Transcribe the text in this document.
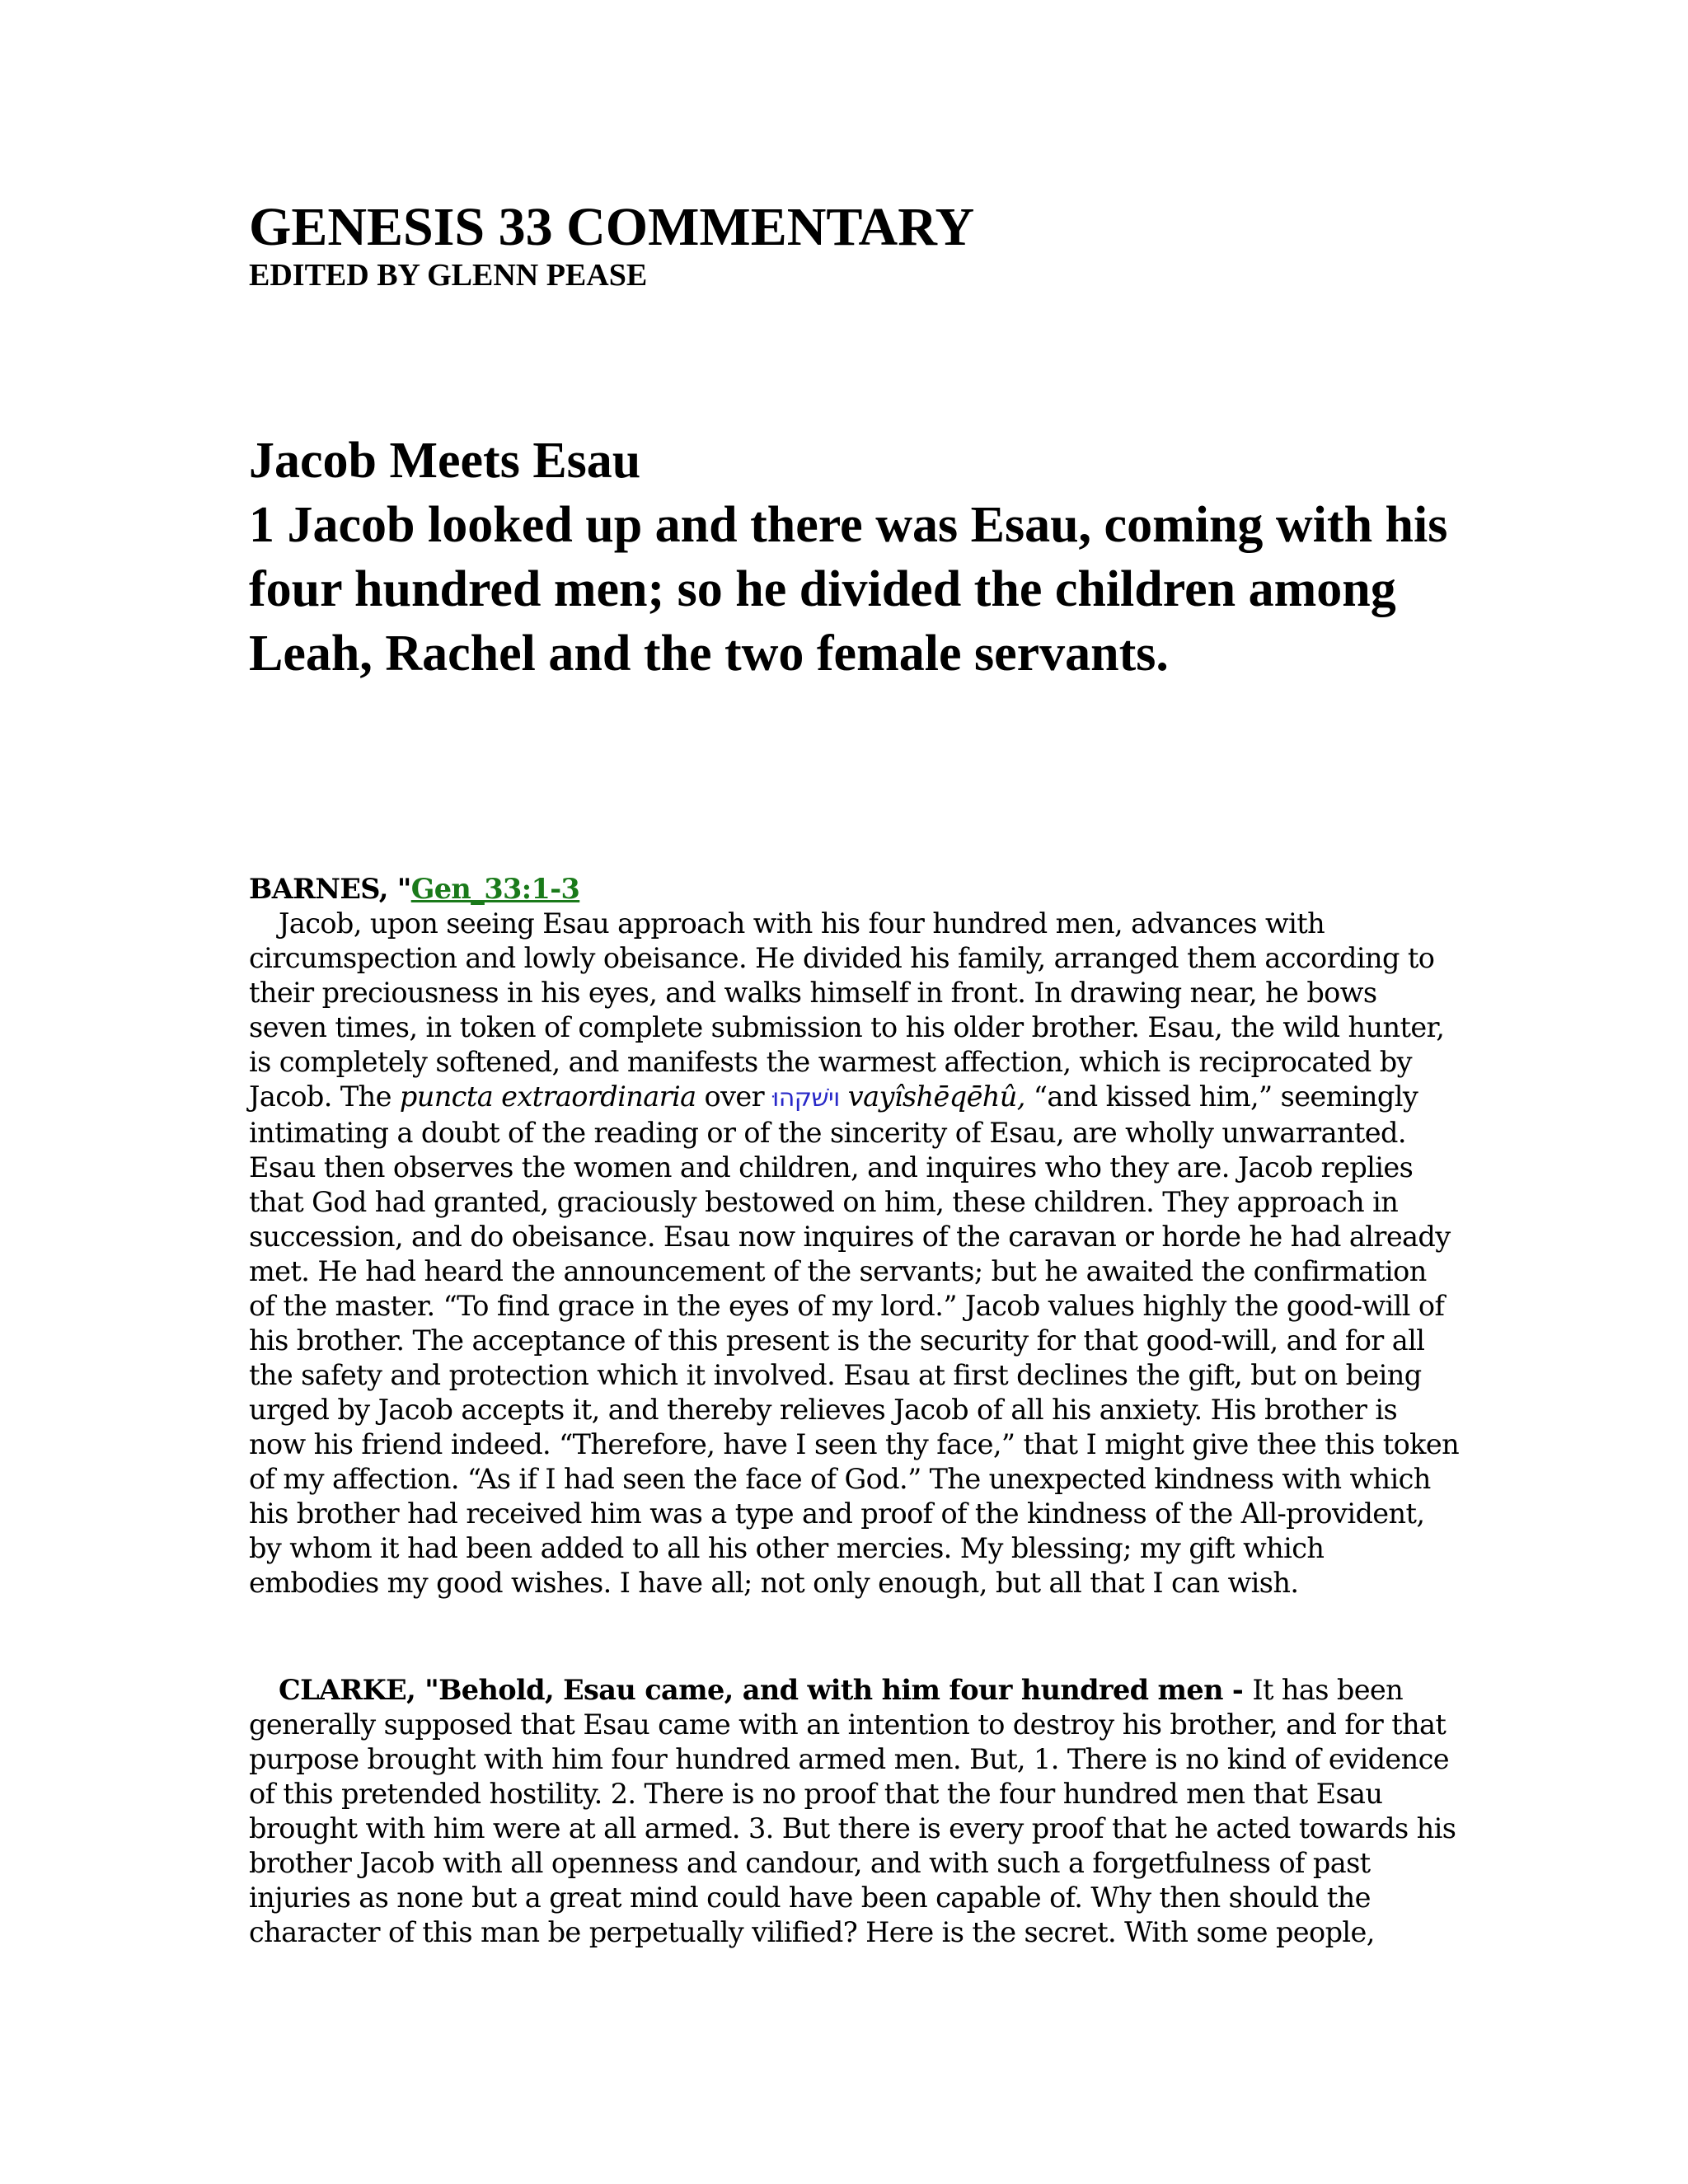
GENESIS 33 COMMENTARY

EDITED BY GLENN PEASE

Jacob Meets Esau
1 Jacob looked up and there was Esau, coming with his four hundred men; so he divided the children among Leah, Rachel and the two female servants.

BARNES, "Gen_33:1-3

Jacob, upon seeing Esau approach with his four hundred men, advances with circumspection and lowly obeisance. He divided his family, arranged them according to their preciousness in his eyes, and walks himself in front. In drawing near, he bows seven times, in token of complete submission to his older brother. Esau, the wild hunter, is completely softened, and manifests the warmest affection, which is reciprocated by Jacob. The puncta extraordinaria over וישׁקהוּ vayîshēqēhû, “and kissed him,” seemingly intimating a doubt of the reading or of the sincerity of Esau, are wholly unwarranted. Esau then observes the women and children, and inquires who they are. Jacob replies that God had granted, graciously bestowed on him, these children. They approach in succession, and do obeisance. Esau now inquires of the caravan or horde he had already met. He had heard the announcement of the servants; but he awaited the confirmation of the master. “To find grace in the eyes of my lord.” Jacob values highly the good-will of his brother. The acceptance of this present is the security for that good-will, and for all the safety and protection which it involved. Esau at first declines the gift, but on being urged by Jacob accepts it, and thereby relieves Jacob of all his anxiety. His brother is now his friend indeed. “Therefore, have I seen thy face,” that I might give thee this token of my affection. “As if I had seen the face of God.” The unexpected kindness with which his brother had received him was a type and proof of the kindness of the All-provident, by whom it had been added to all his other mercies. My blessing; my gift which embodies my good wishes. I have all; not only enough, but all that I can wish.

CLARKE, "Behold, Esau came, and with him four hundred men - It has been generally supposed that Esau came with an intention to destroy his brother, and for that purpose brought with him four hundred armed men. But, 1. There is no kind of evidence of this pretended hostility. 2. There is no proof that the four hundred men that Esau brought with him were at all armed. 3. But there is every proof that he acted towards his brother Jacob with all openness and candour, and with such a forgetfulness of past injuries as none but a great mind could have been capable of. Why then should the character of this man be perpetually vilified? Here is the secret. With some people,
